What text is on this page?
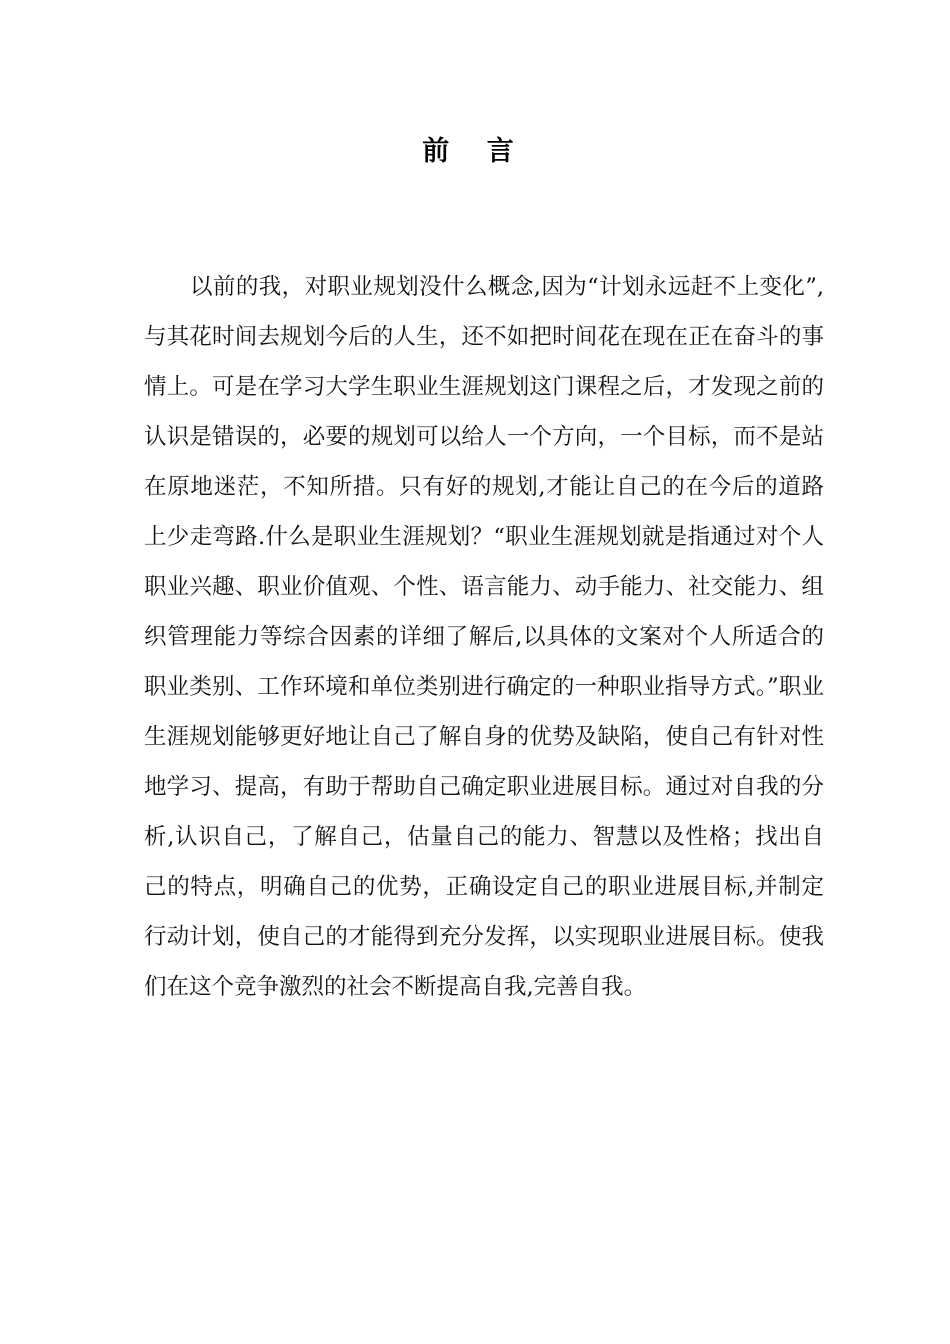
前 言

以前的我，对职业规划没什么概念,因为“计划永远赶不上变化”,与其花时间去规划今后的人生，还不如把时间花在现在正在奋斗的事情上。可是在学习大学生职业生涯规划这门课程之后，才发现之前的认识是错误的，必要的规划可以给人一个方向，一个目标，而不是站在原地迷茫，不知所措。只有好的规划,才能让自己的在今后的道路上少走弯路.什么是职业生涯规划？“职业生涯规划就是指通过对个人职业兴趣、职业价值观、个性、语言能力、动手能力、社交能力、组织管理能力等综合因素的详细了解后,以具体的文案对个人所适合的职业类别、工作环境和单位类别进行确定的一种职业指导方式。”职业生涯规划能够更好地让自己了解自身的优势及缺陷，使自己有针对性地学习、提高，有助于帮助自己确定职业进展目标。通过对自我的分析,认识自己，了解自己，估量自己的能力、智慧以及性格；找出自己的特点，明确自己的优势，正确设定自己的职业进展目标,并制定行动计划，使自己的才能得到充分发挥，以实现职业进展目标。使我们在这个竞争激烈的社会不断提高自我,完善自我。
